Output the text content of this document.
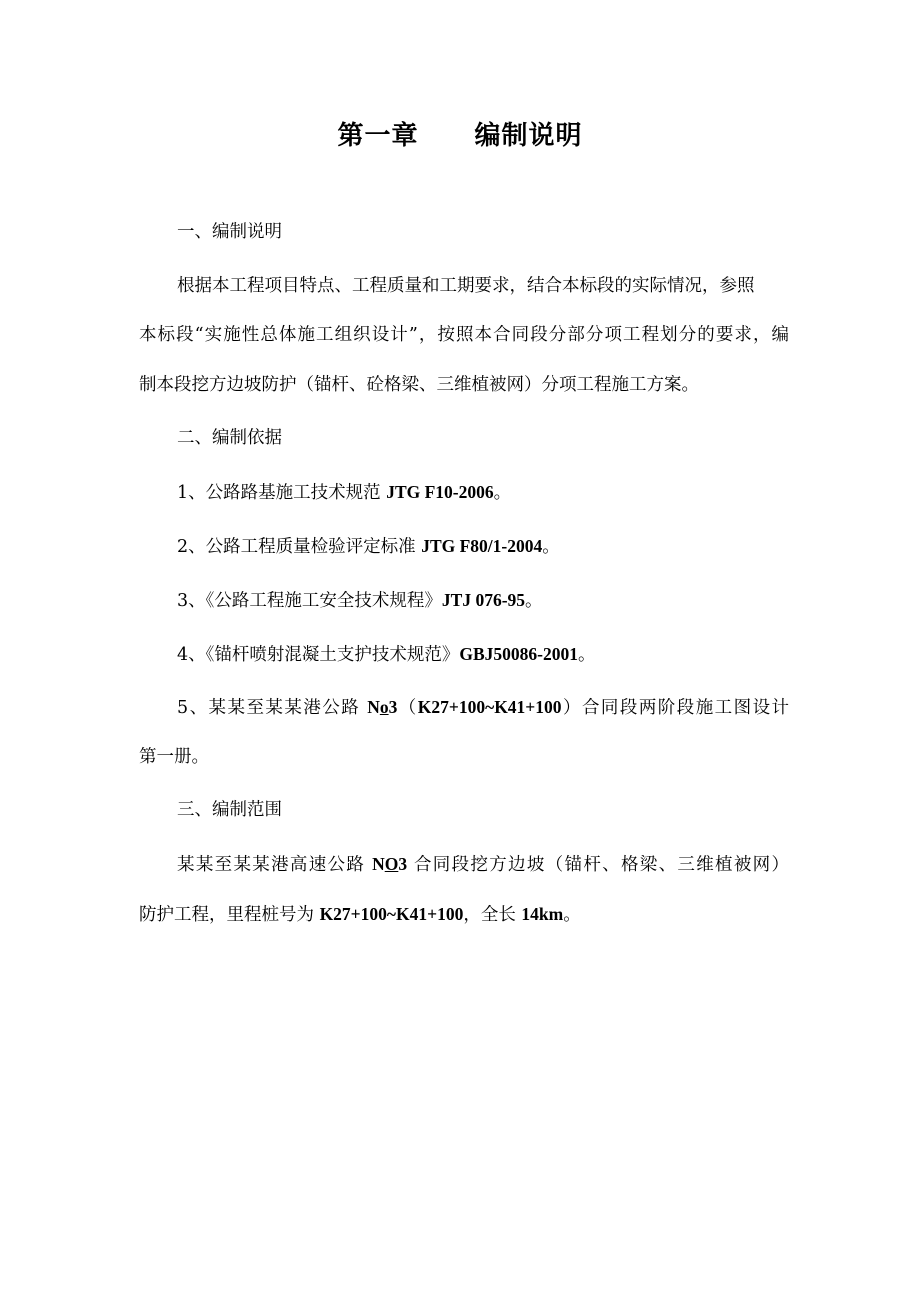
第一章 编制说明
一、编制说明
根据本工程项目特点、工程质量和工期要求，结合本标段的实际情况，参照
本标段“实施性总体施工组织设计”，按照本合同段分部分项工程划分的要求，编
制本段挖方边坡防护（锚杆、砼格梁、三维植被网）分项工程施工方案。
二、编制依据
1、公路路基施工技术规范 JTG F10-2006。
2、公路工程质量检验评定标准 JTG F80/1-2004。
3、《公路工程施工安全技术规程》JTJ 076-95。
4、《锚杆喷射混凝土支护技术规范》GBJ50086-2001。
5、某某至某某港公路 No3（K27+100~K41+100）合同段两阶段施工图设计
第一册。
三、编制范围
某某至某某港高速公路 NO3 合同段挖方边坡（锚杆、格梁、三维植被网）
防护工程，里程桩号为 K27+100~K41+100，全长 14km。
